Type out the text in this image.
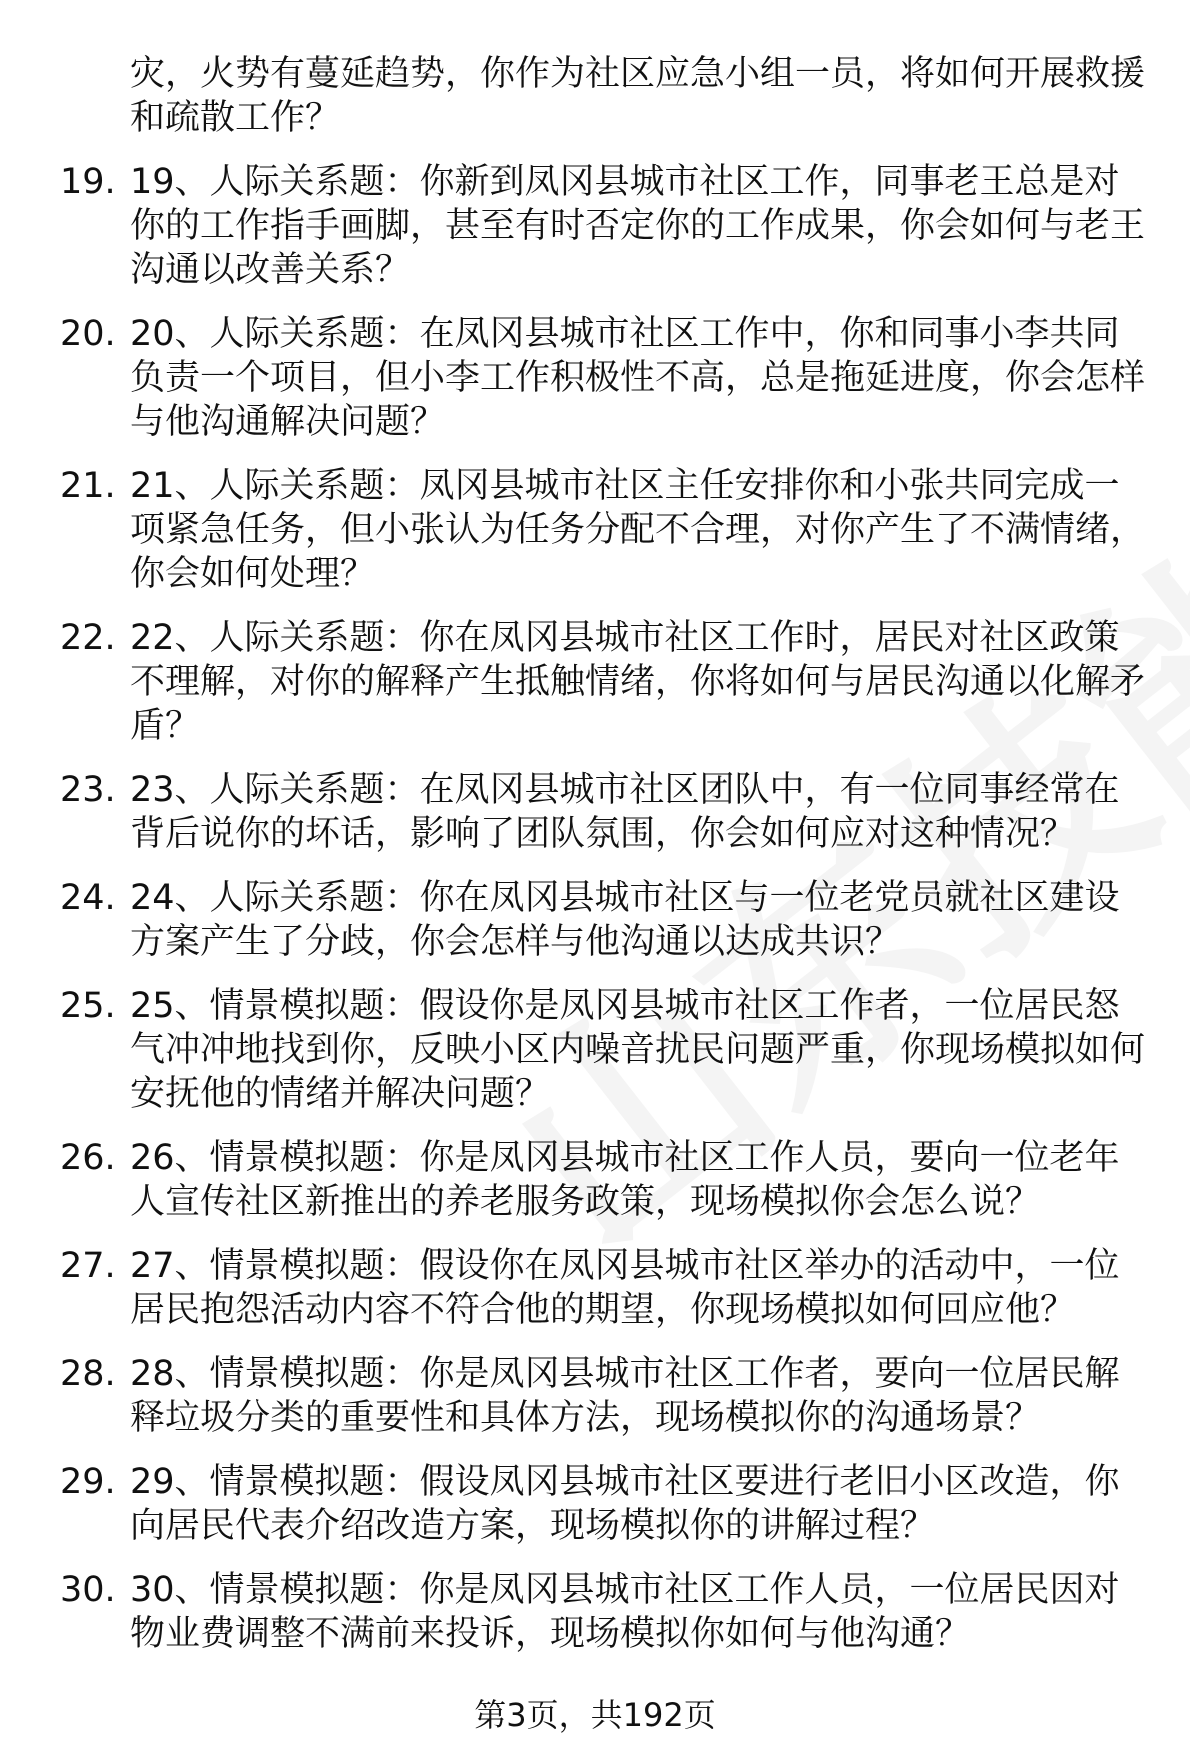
灾，火势有蔓延趋势，你作为社区应急小组一员，将如何开展救援和疏散工作？
19. 19、人际关系题：你新到凤冈县城市社区工作，同事老王总是对你的工作指手画脚，甚至有时否定你的工作成果，你会如何与老王沟通以改善关系？
20. 20、人际关系题：在凤冈县城市社区工作中，你和同事小李共同负责一个项目，但小李工作积极性不高，总是拖延进度，你会怎样与他沟通解决问题？
21. 21、人际关系题：凤冈县城市社区主任安排你和小张共同完成一项紧急任务，但小张认为任务分配不合理，对你产生了不满情绪，你会如何处理？
22. 22、人际关系题：你在凤冈县城市社区工作时，居民对社区政策不理解，对你的解释产生抵触情绪，你将如何与居民沟通以化解矛盾？
23. 23、人际关系题：在凤冈县城市社区团队中，有一位同事经常在背后说你的坏话，影响了团队氛围，你会如何应对这种情况？
24. 24、人际关系题：你在凤冈县城市社区与一位老党员就社区建设方案产生了分歧，你会怎样与他沟通以达成共识？
25. 25、情景模拟题：假设你是凤冈县城市社区工作者，一位居民怒气冲冲地找到你，反映小区内噪音扰民问题严重，你现场模拟如何安抚他的情绪并解决问题？
26. 26、情景模拟题：你是凤冈县城市社区工作人员，要向一位老年人宣传社区新推出的养老服务政策，现场模拟你会怎么说？
27. 27、情景模拟题：假设你在凤冈县城市社区举办的活动中，一位居民抱怨活动内容不符合他的期望，你现场模拟如何回应他？
28. 28、情景模拟题：你是凤冈县城市社区工作者，要向一位居民解释垃圾分类的重要性和具体方法，现场模拟你的沟通场景？
29. 29、情景模拟题：假设凤冈县城市社区要进行老旧小区改造，你向居民代表介绍改造方案，现场模拟你的讲解过程？
30. 30、情景模拟题：你是凤冈县城市社区工作人员，一位居民因对物业费调整不满前来投诉，现场模拟你如何与他沟通？
第3页，共192页
